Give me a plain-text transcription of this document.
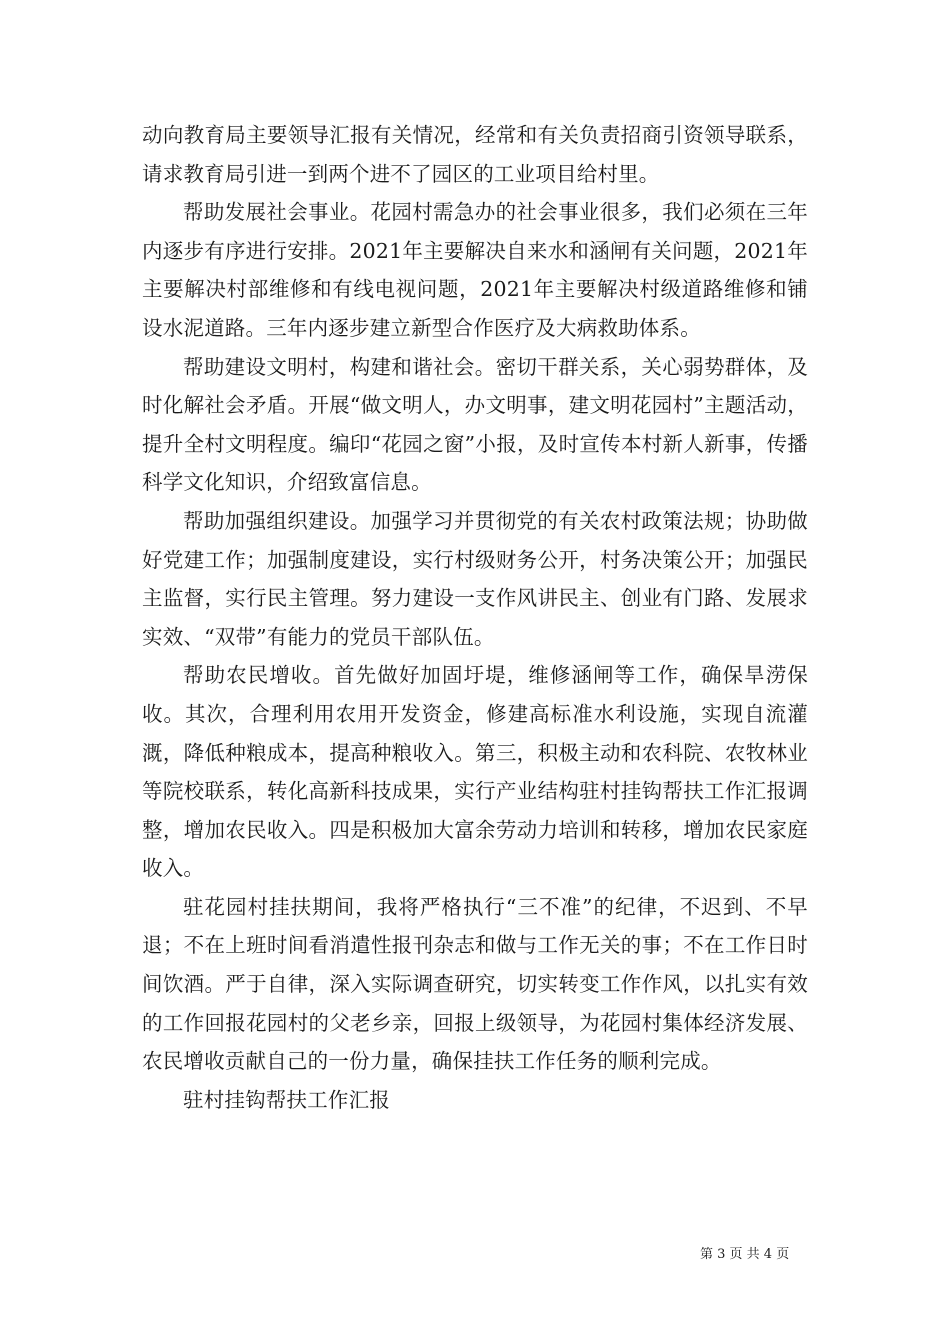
动向教育局主要领导汇报有关情况，经常和有关负责招商引资领导联系，请求教育局引进一到两个进不了园区的工业项目给村里。

帮助发展社会事业。花园村需急办的社会事业很多，我们必须在三年内逐步有序进行安排。2021年主要解决自来水和涵闸有关问题，2021年主要解决村部维修和有线电视问题，2021年主要解决村级道路维修和铺设水泥道路。三年内逐步建立新型合作医疗及大病救助体系。

帮助建设文明村，构建和谐社会。密切干群关系，关心弱势群体，及时化解社会矛盾。开展“做文明人，办文明事，建文明花园村”主题活动，提升全村文明程度。编印“花园之窗”小报，及时宣传本村新人新事，传播科学文化知识，介绍致富信息。

帮助加强组织建设。加强学习并贯彻党的有关农村政策法规；协助做好党建工作；加强制度建设，实行村级财务公开，村务决策公开；加强民主监督，实行民主管理。努力建设一支作风讲民主、创业有门路、发展求实效、“双带”有能力的党员干部队伍。

帮助农民增收。首先做好加固圩堤，维修涵闸等工作，确保旱涝保收。其次，合理利用农用开发资金，修建高标准水利设施，实现自流灌溉，降低种粮成本，提高种粮收入。第三，积极主动和农科院、农牧林业等院校联系，转化高新科技成果，实行产业结构驻村挂钩帮扶工作汇报调整，增加农民收入。四是积极加大富余劳动力培训和转移，增加农民家庭收入。

驻花园村挂扶期间，我将严格执行“三不准”的纪律，不迟到、不早退；不在上班时间看消遣性报刊杂志和做与工作无关的事；不在工作日时间饮酒。严于自律，深入实际调查研究，切实转变工作作风，以扎实有效的工作回报花园村的父老乡亲，回报上级领导，为花园村集体经济发展、农民增收贡献自己的一份力量，确保挂扶工作任务的顺利完成。

驻村挂钩帮扶工作汇报

第 3 页 共 4 页
